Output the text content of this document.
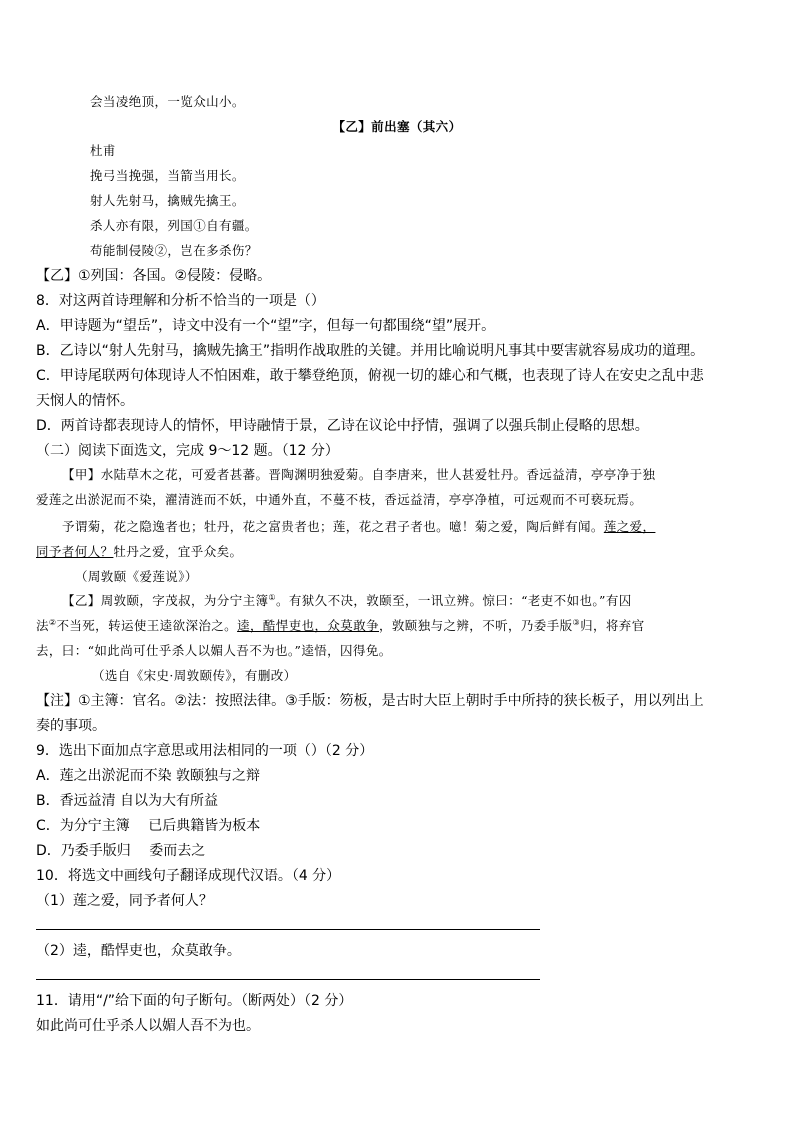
会当凌绝顶，一览众山小。
【乙】前出塞（其六）
杜甫
挽弓当挽强，当箭当用长。
射人先射马，擒贼先擒王。
杀人亦有限，列国①自有疆。
苟能制侵陵②，岂在多杀伤？
【乙】①列国：各国。②侵陵：侵略。
8．对这两首诗理解和分析不恰当的一项是（）
A．甲诗题为“望岳”，诗文中没有一个“望”字，但每一句都围绕“望”展开。
B．乙诗以“射人先射马，擒贼先擒王”指明作战取胜的关键。并用比喻说明凡事其中要害就容易成功的道理。
C．甲诗尾联两句体现诗人不怕困难，敢于攀登绝顶，俯视一切的雄心和气概，也表现了诗人在安史之乱中悲
天悯人的情怀。
D．两首诗都表现诗人的情怀，甲诗融情于景，乙诗在议论中抒情，强调了以强兵制止侵略的思想。
（二）阅读下面选文，完成 9～12 题。（12 分）
【甲】水陆草木之花，可爱者甚蕃。晋陶渊明独爱菊。自李唐来，世人甚爱牡丹。香远益清，亭亭净于独
爱莲之出淤泥而不染，濯清涟而不妖，中通外直，不蔓不枝，香远益清，亭亭净植，可远观而不可亵玩焉。
予谓菊，花之隐逸者也；牡丹，花之富贵者也；莲，花之君子者也。噫！菊之爱，陶后鲜有闻。莲之爱，
同予者何人？牡丹之爱，宜乎众矣。
（周敦颐《爱莲说》）
【乙】周敦颐，字茂叔，为分宁主簿①。有狱久不决，敦颐至，一讯立辨。惊曰：“老吏不如也。”有囚
法②不当死，转运使王逵欲深治之。逵，酷悍吏也，众莫敢争，敦颐独与之辨，不听，乃委手版③归，将弃官
去，曰：“如此尚可仕乎杀人以媚人吾不为也。”逵悟，囚得免。
（选自《宋史·周敦颐传》，有删改）
【注】①主簿：官名。②法：按照法律。③手版：笏板，是古时大臣上朝时手中所持的狭长板子，用以列出上
奏的事项。
9．选出下面加点字意思或用法相同的一项（）（2 分）
A．莲之出淤泥而不染 敦颐独与之辩
B．香远益清 自以为大有所益
C．为分宁主簿　 已后典籍皆为板本
D．乃委手版归　 委而去之
10．将选文中画线句子翻译成现代汉语。（4 分）
（1）莲之爱，同予者何人？
（2）逵，酷悍吏也，众莫敢争。
11．请用“/”给下面的句子断句。（断两处）（2 分）
如此尚可仕乎杀人以媚人吾不为也。
